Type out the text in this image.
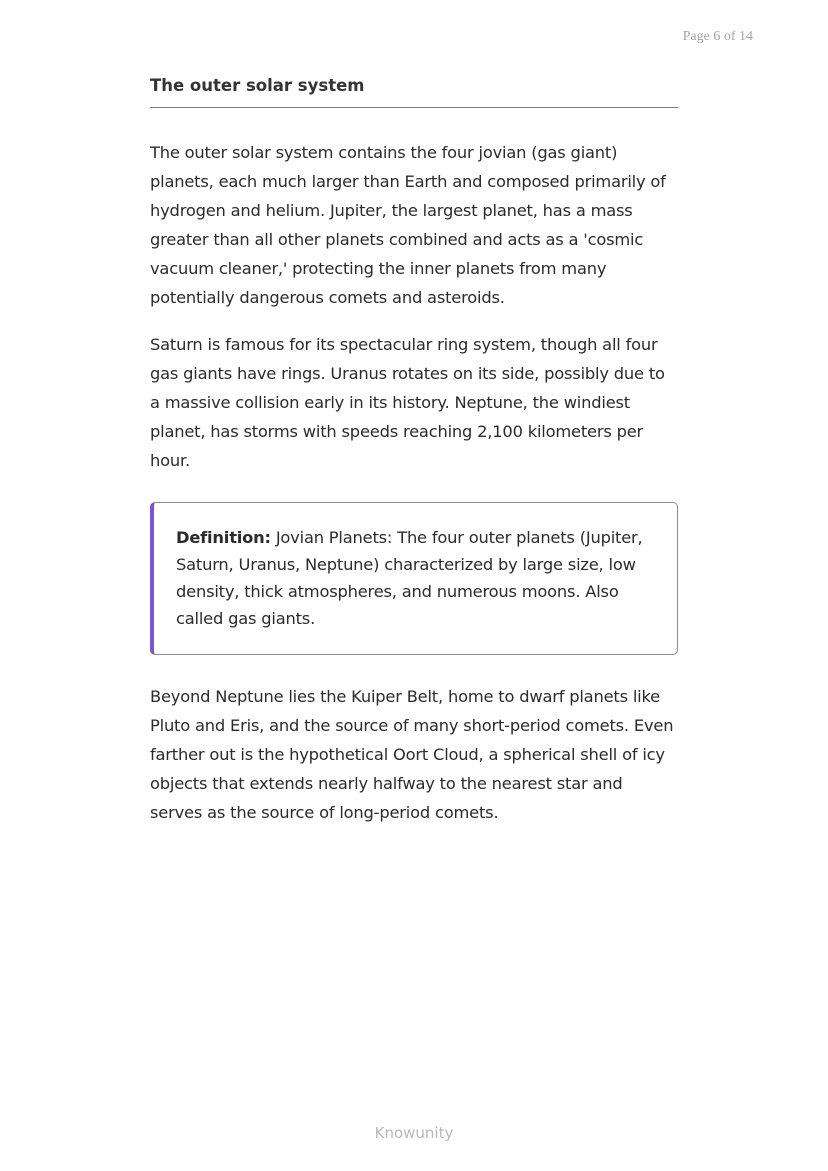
Page 6 of 14
The outer solar system

The outer solar system contains the four jovian (gas giant) planets, each much larger than Earth and composed primarily of hydrogen and helium. Jupiter, the largest planet, has a mass greater than all other planets combined and acts as a 'cosmic vacuum cleaner,' protecting the inner planets from many potentially dangerous comets and asteroids.

Saturn is famous for its spectacular ring system, though all four gas giants have rings. Uranus rotates on its side, possibly due to a massive collision early in its history. Neptune, the windiest planet, has storms with speeds reaching 2,100 kilometers per hour.

Definition: Jovian Planets: The four outer planets (Jupiter, Saturn, Uranus, Neptune) characterized by large size, low density, thick atmospheres, and numerous moons. Also called gas giants.

Beyond Neptune lies the Kuiper Belt, home to dwarf planets like Pluto and Eris, and the source of many short-period comets. Even farther out is the hypothetical Oort Cloud, a spherical shell of icy objects that extends nearly halfway to the nearest star and serves as the source of long-period comets.

Knowunity
